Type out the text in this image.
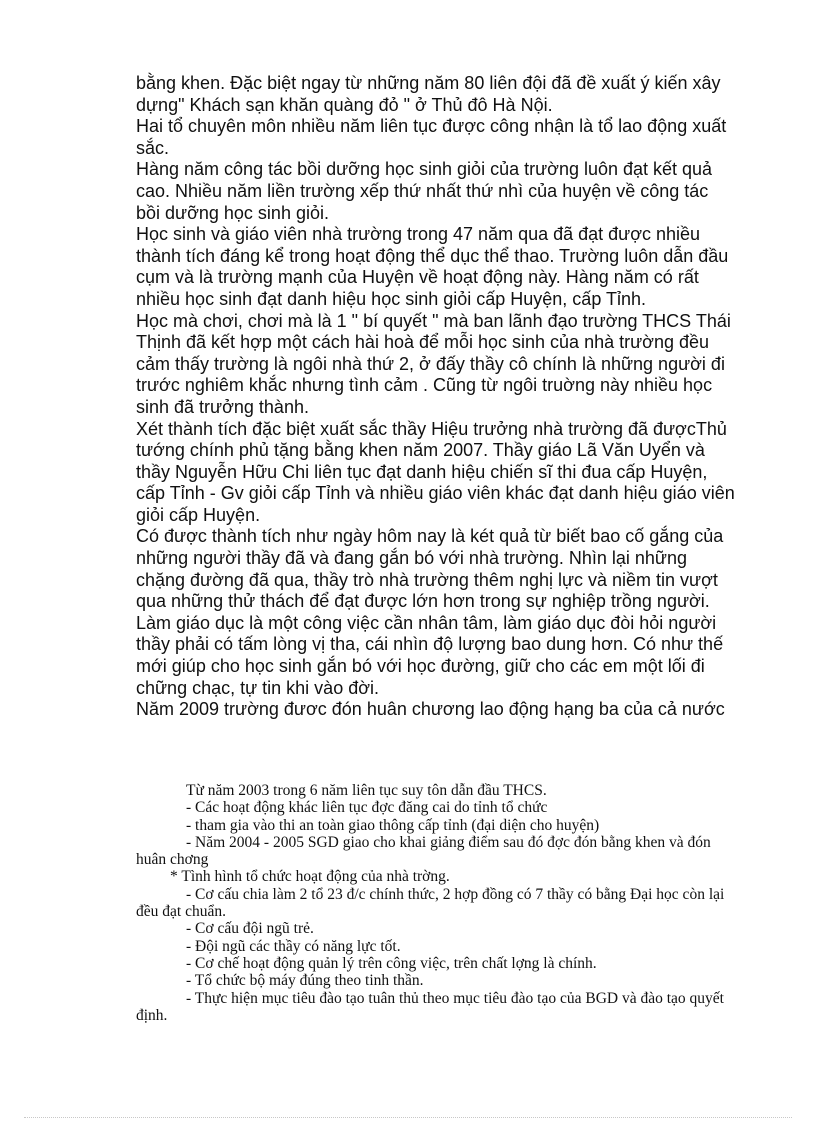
bằng khen. Đặc biệt ngay từ những năm 80 liên đội đã đề xuất ý kiến xây dựng" Khách sạn khăn quàng đỏ " ở Thủ đô Hà Nội.

Hai tổ chuyên môn nhiều năm liên tục được công nhận là tổ lao động xuất sắc.

Hàng năm công tác bồi dưỡng học sinh giỏi của trường luôn đạt kết quả cao. Nhiều năm liền trường xếp thứ nhất thứ nhì của huyện về công tác bồi dưỡng học sinh giỏi.

Học sinh và giáo viên nhà trường trong 47 năm qua đã đạt được nhiều thành tích đáng kể trong hoạt động thể dục thể thao. Trường luôn dẫn đầu cụm và là trường mạnh của Huyện về hoạt động này. Hàng năm có rất nhiều học sinh đạt danh hiệu học sinh giỏi cấp Huyện, cấp Tỉnh.

Học mà chơi, chơi mà là 1 " bí quyết " mà ban lãnh đạo trường THCS Thái Thịnh đã kết hợp một cách hài hoà để mỗi học sinh của nhà trường đều cảm thấy trường là ngôi nhà thứ 2, ở đấy thầy cô chính là những người đi trước nghiêm khắc nhưng tình cảm . Cũng từ ngôi truờng này nhiều học sinh đã trưởng thành.

Xét thành tích đặc biệt xuất sắc thầy Hiệu trưởng nhà trường đã đượcThủ tướng chính phủ tặng bằng khen năm 2007. Thầy giáo Lã Văn Uyển và thầy Nguyễn Hữu Chi liên tục đạt danh hiệu chiến sĩ thi đua cấp Huyện, cấp Tỉnh - Gv giỏi cấp Tỉnh và nhiều giáo viên khác đạt danh hiệu giáo viên giỏi cấp Huyện.

Có được thành tích như ngày hôm nay là két quả từ biết bao cố gắng của những người thầy đã và đang gắn bó với nhà trường. Nhìn lại những chặng đường đã qua, thầy trò nhà trường thêm nghị lực và niềm tin vượt qua những thử thách để đạt được lớn hơn trong sự nghiệp trồng người.

Làm giáo dục là một công việc cần nhân tâm, làm giáo dục đòi hỏi người thầy phải có tấm lòng vị tha, cái nhìn độ lượng bao dung hơn. Có như thế mới giúp cho học sinh gắn bó với học đường, giữ cho các em một lối đi chững chạc, tự tin khi vào đời.

Năm 2009 trường đươc đón huân chương lao động hạng ba của cả nước

Từ năm 2003 trong 6 năm liên tục suy tôn dẫn đầu THCS.

- Các hoạt động khác liên tục đợc đăng cai do tỉnh tổ chức

- tham gia vào thi an toàn giao thông cấp tỉnh (đại diện cho huyện)

- Năm 2004 - 2005 SGD giao cho khai giảng điểm sau đó đợc đón bằng khen và đón huân chơng

* Tình hình tổ chức hoạt động của nhà trờng.

- Cơ cấu chia làm 2 tổ 23 đ/c chính thức, 2 hợp đồng có 7 thầy có bằng Đại học còn lại đều đạt chuẩn.

- Cơ cấu đội ngũ trẻ.

- Đội ngũ các thầy có năng lực tốt.

- Cơ chế hoạt động quản lý trên công việc, trên chất lợng là chính.

- Tổ chức bộ máy đúng theo tinh thần.

- Thực hiện mục tiêu đào tạo tuân thủ theo mục tiêu đào tạo của BGD và đào tạo quyết định.
